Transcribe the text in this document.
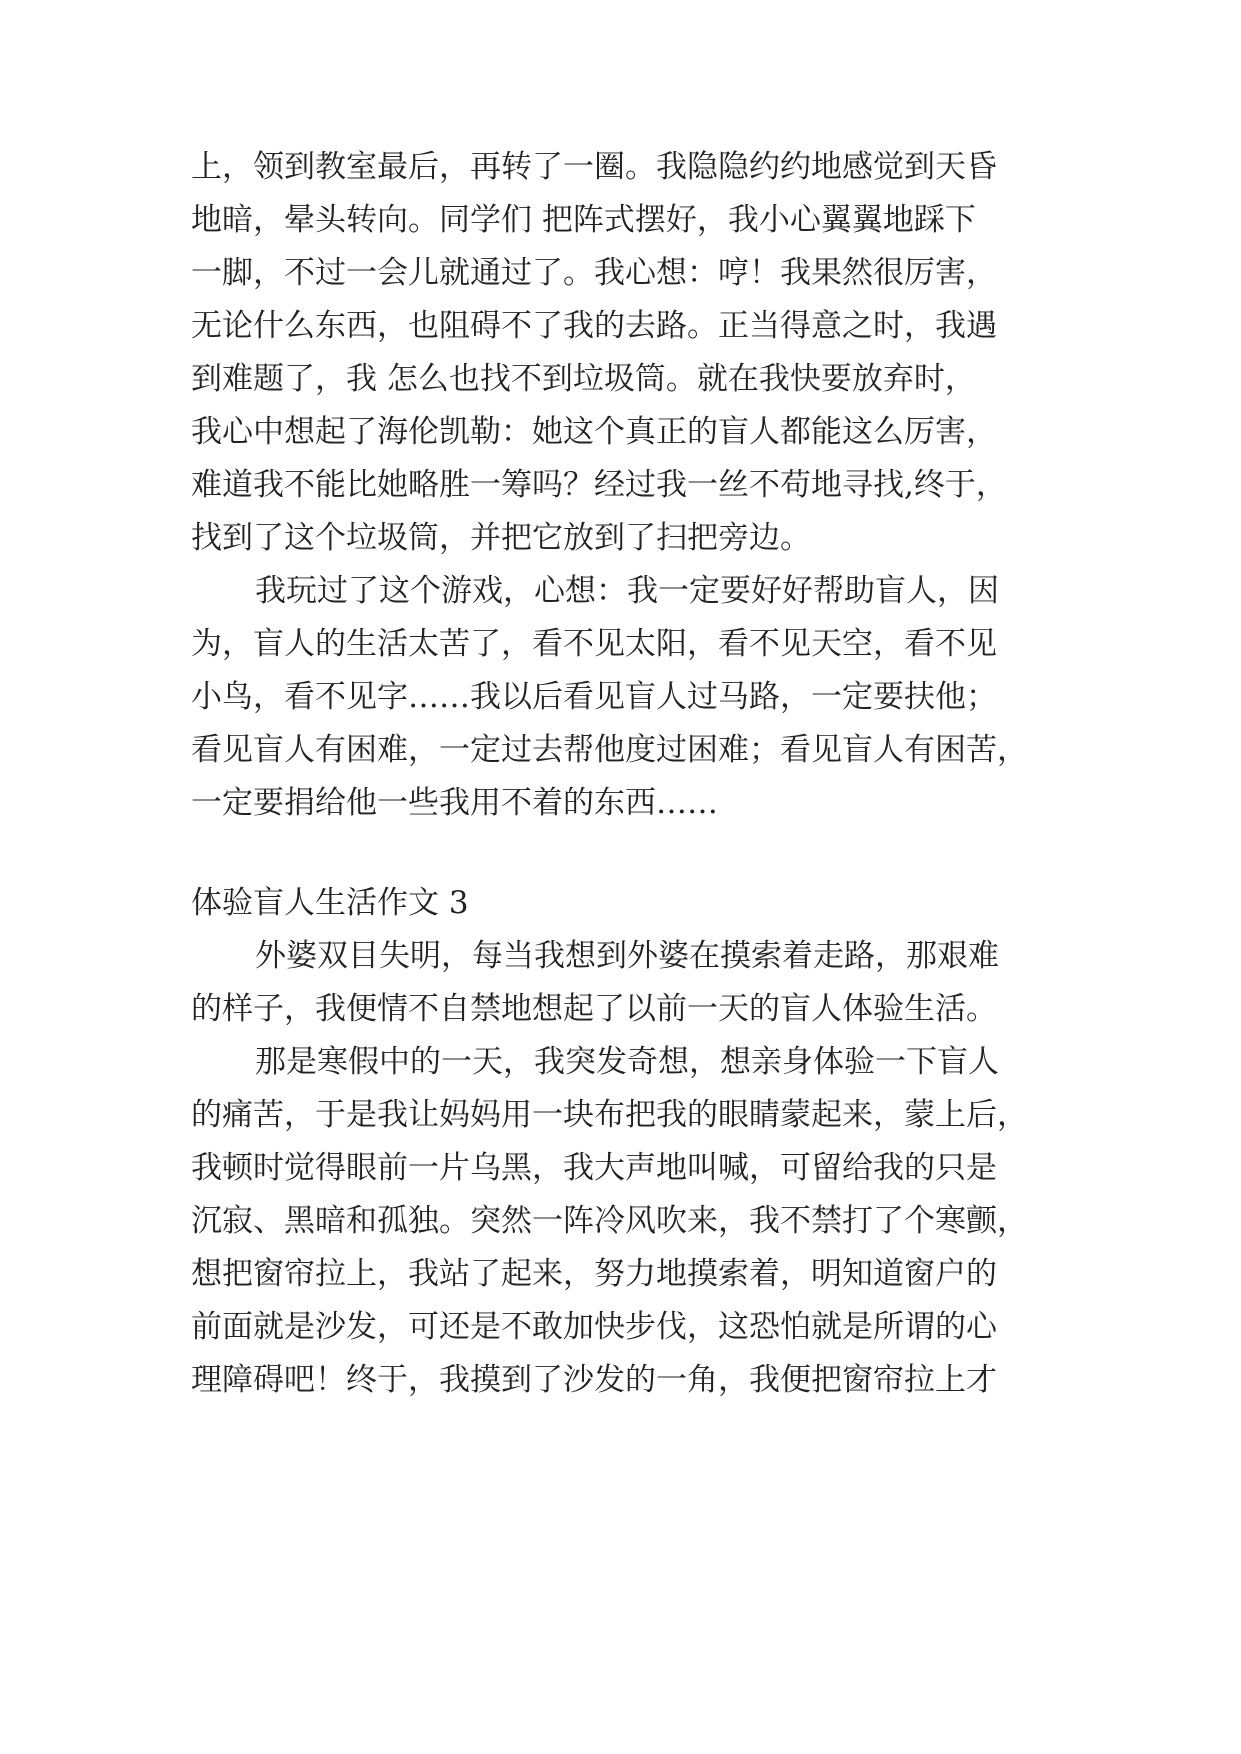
上，领到教室最后，再转了一圈。我隐隐约约地感觉到天昏
地暗，晕头转向。同学们 把阵式摆好，我小心翼翼地踩下
一脚，不过一会儿就通过了。我心想：哼！我果然很厉害，
无论什么东西，也阻碍不了我的去路。正当得意之时，我遇
到难题了，我 怎么也找不到垃圾筒。就在我快要放弃时，
我心中想起了海伦凯勒：她这个真正的盲人都能这么厉害，
难道我不能比她略胜一筹吗？经过我一丝不苟地寻找,终于，
找到了这个垃圾筒，并把它放到了扫把旁边。
我玩过了这个游戏，心想：我一定要好好帮助盲人，因
为，盲人的生活太苦了，看不见太阳，看不见天空，看不见
小鸟，看不见字……我以后看见盲人过马路，一定要扶他；
看见盲人有困难，一定过去帮他度过困难；看见盲人有困苦，
一定要捐给他一些我用不着的东西……
体验盲人生活作文 3
外婆双目失明，每当我想到外婆在摸索着走路，那艰难
的样子，我便情不自禁地想起了以前一天的盲人体验生活。
那是寒假中的一天，我突发奇想，想亲身体验一下盲人
的痛苦，于是我让妈妈用一块布把我的眼睛蒙起来，蒙上后，
我顿时觉得眼前一片乌黑，我大声地叫喊，可留给我的只是
沉寂、黑暗和孤独。突然一阵冷风吹来，我不禁打了个寒颤，
想把窗帘拉上，我站了起来，努力地摸索着，明知道窗户的
前面就是沙发，可还是不敢加快步伐，这恐怕就是所谓的心
理障碍吧！终于，我摸到了沙发的一角，我便把窗帘拉上才
